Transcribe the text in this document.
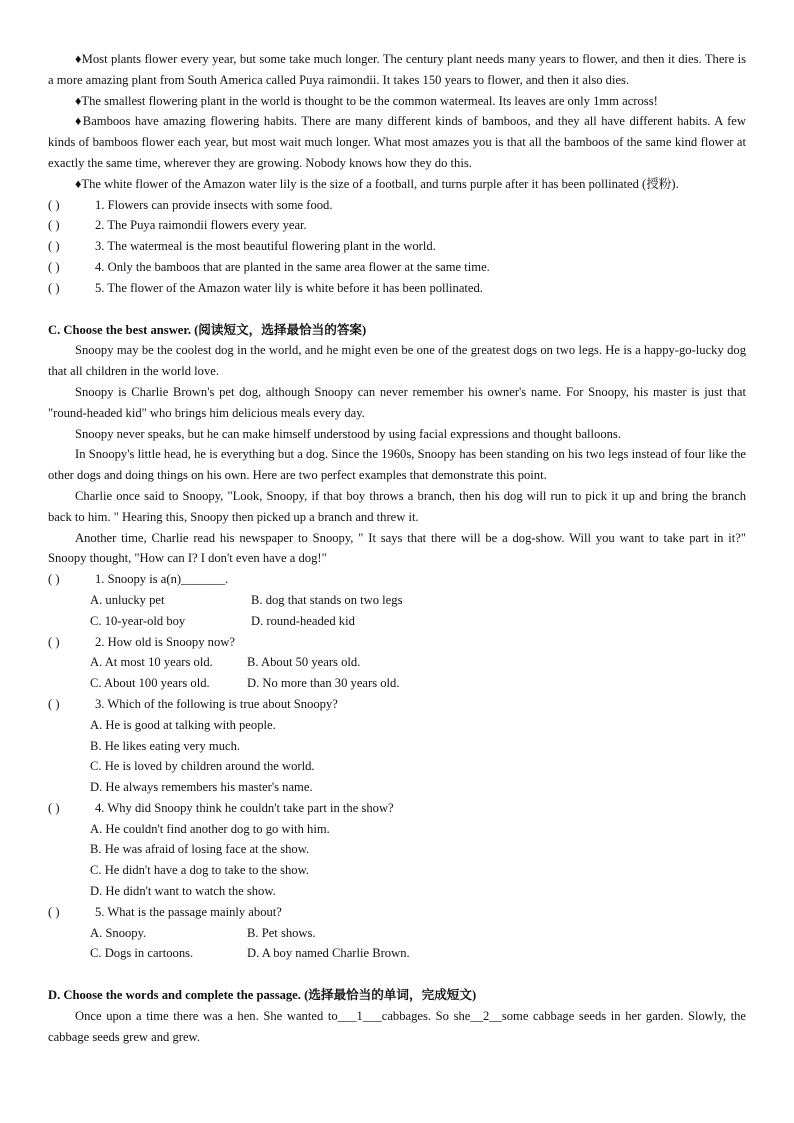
♦Most plants flower every year, but some take much longer. The century plant needs many years to flower, and then it dies. There is a more amazing plant from South America called Puya raimondii. It takes 150 years to flower, and then it also dies.

♦The smallest flowering plant in the world is thought to be the common watermeal. Its leaves are only 1mm across!

♦Bamboos have amazing flowering habits. There are many different kinds of bamboos, and they all have different habits. A few kinds of bamboos flower each year, but most wait much longer. What most amazes you is that all the bamboos of the same kind flower at exactly the same time, wherever they are growing. Nobody knows how they do this.

♦The white flower of the Amazon water lily is the size of a football, and turns purple after it has been pollinated (授粉).

( )	1. Flowers can provide insects with some food.

( )	2. The Puya raimondii flowers every year.

( )	3. The watermeal is the most beautiful flowering plant in the world.

( )	4. Only the bamboos that are planted in the same area flower at the same time.

( )	5. The flower of the Amazon water lily is white before it has been pollinated.

C. Choose the best answer. (阅读短文，选择最恰当的答案)

Snoopy may be the coolest dog in the world, and he might even be one of the greatest dogs on two legs. He is a happy-go-lucky dog that all children in the world love.

Snoopy is Charlie Brown's pet dog, although Snoopy can never remember his owner's name. For Snoopy, his master is just that "round-headed kid" who brings him delicious meals every day.

Snoopy never speaks, but he can make himself understood by using facial expressions and thought balloons.

In Snoopy's little head, he is everything but a dog. Since the 1960s, Snoopy has been standing on his two legs instead of four like the other dogs and doing things on his own. Here are two perfect examples that demonstrate this point.

Charlie once said to Snoopy, "Look, Snoopy, if that boy throws a branch, then his dog will run to pick it up and bring the branch back to him. " Hearing this, Snoopy then picked up a branch and threw it.

Another time, Charlie read his newspaper to Snoopy, " It says that there will be a dog-show. Will you want to take part in it?" Snoopy thought, "How can I? I don't even have a dog!"

( )	1. Snoopy is a(n)_______.

A. unlucky pet	B. dog that stands on two legs
C. 10-year-old boy	D. round-headed kid

( )	2. How old is Snoopy now?

A. At most 10 years old.	B. About 50 years old.
C. About 100 years old.	D. No more than 30 years old.

( )	3. Which of the following is true about Snoopy?

A. He is good at talking with people.

B. He likes eating very much.

C. He is loved by children around the world.

D. He always remembers his master's name.

( )	4. Why did Snoopy think he couldn't take part in the show?

A. He couldn't find another dog to go with him.

B. He was afraid of losing face at the show.

C. He didn't have a dog to take to the show.

D. He didn't want to watch the show.

( )	5. What is the passage mainly about?

A. Snoopy.	B. Pet shows.
C. Dogs in cartoons.	D. A boy named Charlie Brown.

D. Choose the words and complete the passage. (选择最恰当的单词，完成短文)

Once upon a time there was a hen. She wanted to___1___cabbages. So she__2__some cabbage seeds in her garden. Slowly, the cabbage seeds grew and grew.
